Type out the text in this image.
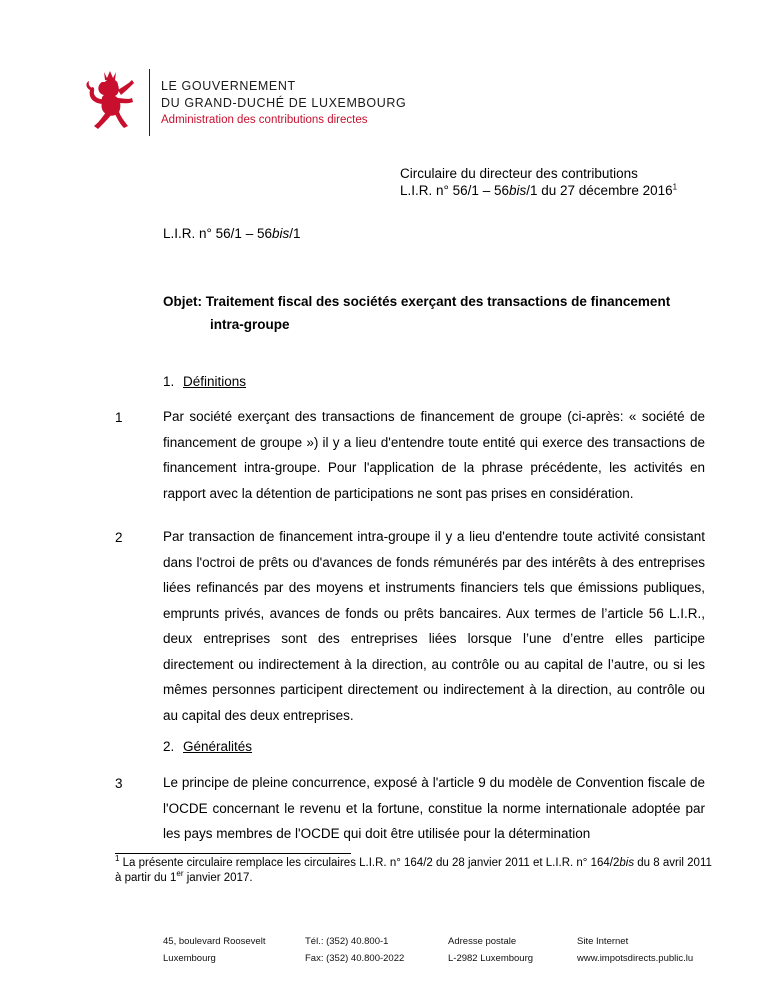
LE GOUVERNEMENT
DU GRAND-DUCHÉ DE LUXEMBOURG
Administration des contributions directes
Circulaire du directeur des contributions
L.I.R. n° 56/1 – 56bis/1 du 27 décembre 2016$^1$
L.I.R. n° 56/1 – 56bis/1
Objet: Traitement fiscal des sociétés exerçant des transactions de financement
intra-groupe
1. Définitions
1	Par société exerçant des transactions de financement de groupe (ci-après: « société de financement de groupe ») il y a lieu d'entendre toute entité qui exerce des transactions de financement intra-groupe. Pour l'application de la phrase précédente, les activités en rapport avec la détention de participations ne sont pas prises en considération.
2	Par transaction de financement intra-groupe il y a lieu d'entendre toute activité consistant dans l'octroi de prêts ou d'avances de fonds rémunérés par des intérêts à des entreprises liées refinancés par des moyens et instruments financiers tels que émissions publiques, emprunts privés, avances de fonds ou prêts bancaires. Aux termes de l’article 56 L.I.R., deux entreprises sont des entreprises liées lorsque l’une d’entre elles participe directement ou indirectement à la direction, au contrôle ou au capital de l’autre, ou si les mêmes personnes participent directement ou indirectement à la direction, au contrôle ou au capital des deux entreprises.
2. Généralités
3	Le principe de pleine concurrence, exposé à l'article 9 du modèle de Convention fiscale de l'OCDE concernant le revenu et la fortune, constitue la norme internationale adoptée par les pays membres de l'OCDE qui doit être utilisée pour la détermination
$^1$ La présente circulaire remplace les circulaires L.I.R. n° 164/2 du 28 janvier 2011 et L.I.R. n° 164/2bis du 8 avril 2011 à partir du 1er janvier 2017.
45, boulevard Roosevelt
Luxembourg
Tél.: (352) 40.800-1
Fax: (352) 40.800-2022
Adresse postale
L-2982 Luxembourg
Site Internet
www.impotsdirects.public.lu
